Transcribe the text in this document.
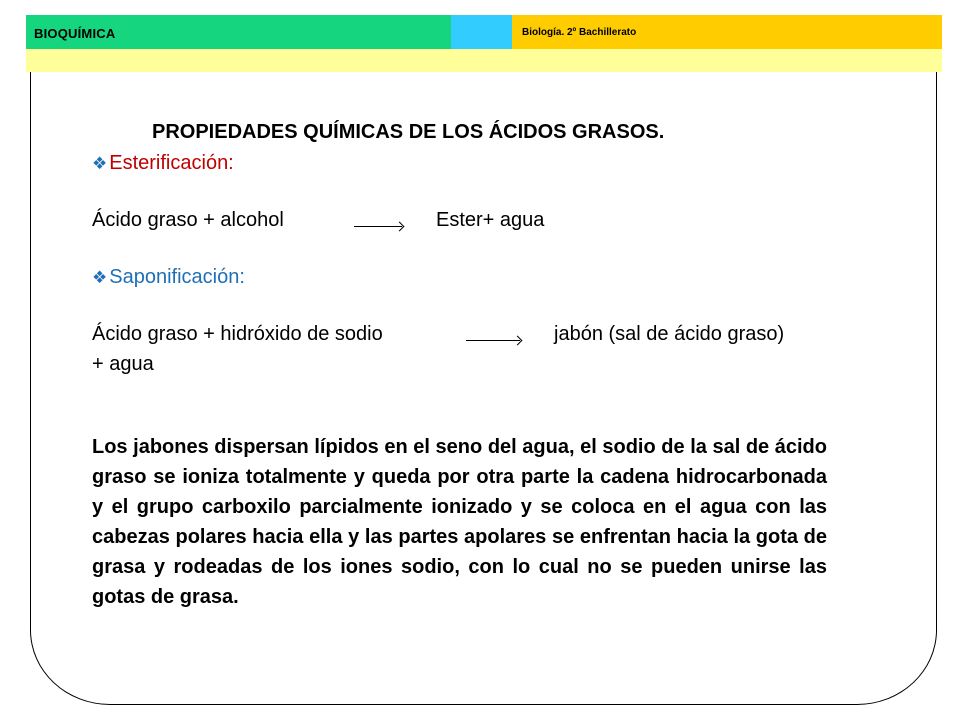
BIOQUÍMICA	Biología. 2º Bachillerato
PROPIEDADES QUÍMICAS DE LOS ÁCIDOS GRASOS.
❖ Esterificación:
Ácido graso + alcohol	Ester+ agua
❖ Saponificación:
Ácido graso + hidróxido de sodio	jabón (sal de ácido graso)
+ agua
Los jabones dispersan lípidos en el seno del agua, el sodio de la sal de ácido graso se ioniza totalmente y queda por otra parte la cadena hidrocarbonada y el grupo carboxilo parcialmente ionizado y se coloca en el agua con las cabezas polares hacia ella y las partes apolares se enfrentan hacia la gota de grasa y rodeadas de los iones sodio, con lo cual no se pueden unirse las gotas de grasa.
